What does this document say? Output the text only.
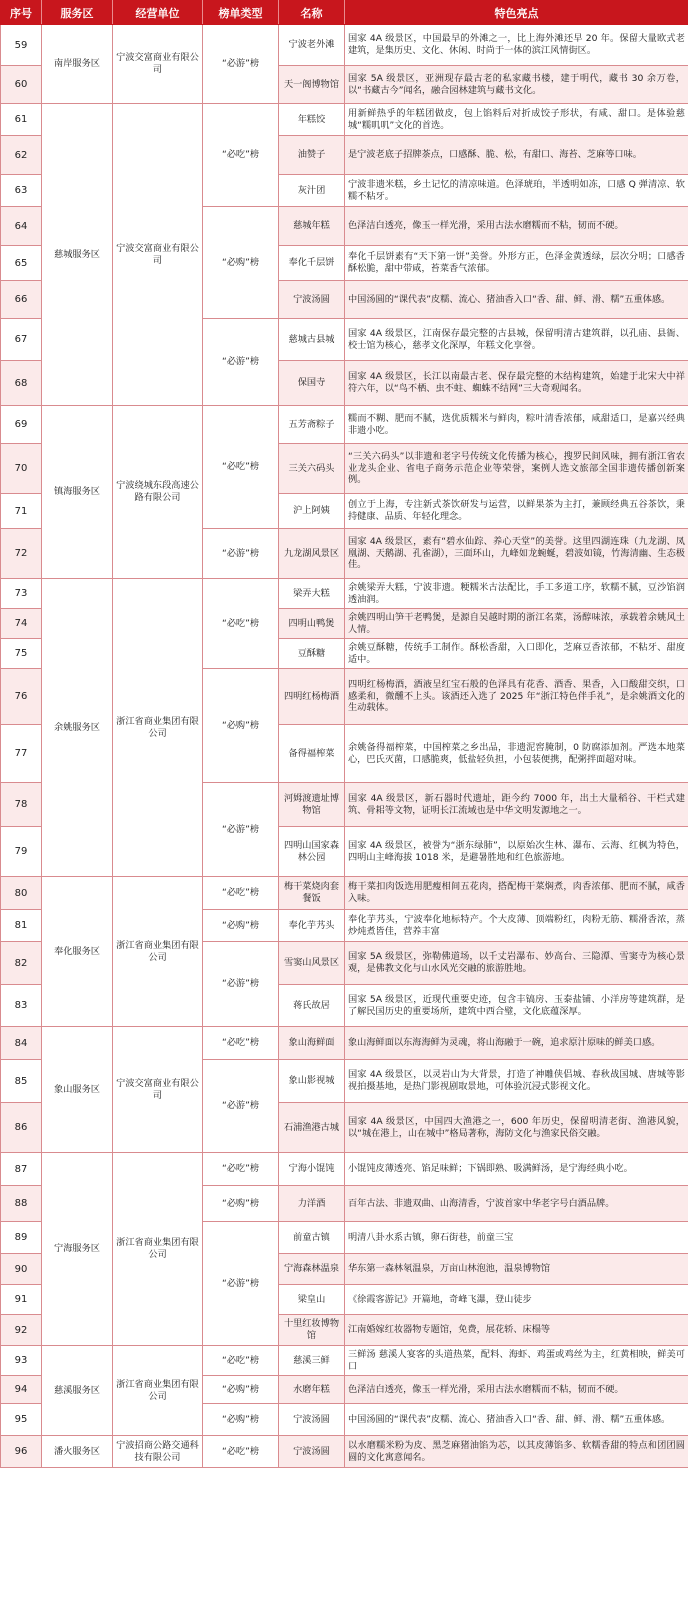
序号	服务区	经营单位	榜单类型	名称	特色亮点
59	南岸服务区	宁波交富商业有限公司	“必游”榜	宁波老外滩	国家 4A 级景区，中国最早的外滩之一，比上海外滩还早 20 年。保留大量欧式老建筑，是集历史、文化、休闲、时尚于一体的滨江风情街区。
60				天一阁博物馆	国家 5A 级景区，亚洲现存最古老的私家藏书楼，建于明代，藏书 30 余万卷，以“书藏古今”闻名，融合园林建筑与藏书文化。
61	慈城服务区	宁波交富商业有限公司	“必吃”榜	年糕饺	用新鲜热乎的年糕团做皮，包上馅料后对折成饺子形状，有咸、甜口。是体验慈城“糯叽叽”文化的首选。
62				油赞子	是宁波老底子招牌茶点，口感酥、脆、松，有甜口、海苔、芝麻等口味。
63				灰汁团	宁波非遗米糕，乡土记忆的清凉味道。色泽琥珀，半透明如冻，口感 Q 弹清凉、软糯不粘牙。
64			“必购”榜	慈城年糕	色泽洁白透亮，像玉一样光滑，采用古法水磨糯而不粘，韧而不硬。
65				奉化千层饼	奉化千层饼素有“天下第一饼”美誉。外形方正，色泽金黄透绿，层次分明；口感香酥松脆，甜中带咸，苔菜香气浓郁。
66				宁波汤圆	中国汤圆的“课代表”皮糯、流心、猪油香入口“香、甜、鲜、滑、糯”五重体感。
67			“必游”榜	慈城古县城	国家 4A 级景区，江南保存最完整的古县城，保留明清古建筑群，以孔庙、县衙、校士馆为核心，慈孝文化深厚，年糕文化享誉。
68				保国寺	国家 4A 级景区，长江以南最古老、保存最完整的木结构建筑，始建于北宋大中祥符六年，以“鸟不栖、虫不蛀、蜘蛛不结网”三大奇观闻名。
69	镇海服务区	宁波绕城东段高速公路有限公司	“必吃”榜	五芳斋粽子	糯而不糊、肥而不腻，选优质糯米与鲜肉，粽叶清香浓郁，咸甜适口，是嘉兴经典非遗小吃。
70				三关六码头	“三关六码头”以非遗和老字号传统文化传播为核心，搜罗民间风味，拥有浙江省农业龙头企业、省电子商务示范企业等荣誉，案例人选文旅部全国非遗传播创新案例。
71				沪上阿姨	创立于上海，专注新式茶饮研发与运营，以鲜果茶为主打，兼顾经典五谷茶饮，秉持健康、品质、年轻化理念。
72			“必游”榜	九龙湖风景区	国家 4A 级景区，素有“碧水仙踪、养心天堂”的美誉。这里四湖连珠（九龙湖、凤凰湖、天鹅湖、孔雀湖），三面环山，九峰如龙蜿蜒，碧波如镜，竹海清幽、生态极佳。
73	余姚服务区	浙江省商业集团有限公司	“必吃”榜	梁弄大糕	余姚梁弄大糕，宁波非遗。粳糯米古法配比，手工多道工序，软糯不腻，豆沙馅润透油润。
74				四明山鸭煲	余姚四明山笋干老鸭煲，是源自吴越时期的浙江名菜，汤醇味浓，承载着余姚风土人情。
75				豆酥糖	余姚豆酥糖，传统手工制作。酥松香甜，入口即化，芝麻豆香浓郁，不粘牙、甜度适中。
76			“必购”榜	四明红杨梅酒	四明红杨梅酒，酒液呈红宝石般的色泽具有花香、酒香、果香，入口酸甜交织，口感柔和，微醺不上头。该酒还入选了 2025 年“浙江特色伴手礼”，是余姚酒文化的生动载体。
77				备得福榨菜	余姚备得福榨菜，中国榨菜之乡出品，非遗泥窖腌制，0 防腐添加剂。严选本地菜心，巴氏灭菌，口感脆爽，低盐轻负担，小包装便携，配粥拌面超对味。
78			“必游”榜	河姆渡遗址博物馆	国家 4A 级景区，新石器时代遗址，距今约 7000 年，出土大量稻谷、干栏式建筑、骨耜等文物，证明长江流域也是中华文明发源地之一。
79				四明山国家森林公园	国家 4A 级景区，被誉为“浙东绿肺”，以原始次生林、瀑布、云海、红枫为特色，四明山主峰海拔 1018 米，是避暑胜地和红色旅游地。
80	奉化服务区	浙江省商业集团有限公司	“必吃”榜	梅干菜烧肉套餐饭	梅干菜扣肉饭选用肥瘦相间五花肉，搭配梅干菜焖煮，肉香浓郁、肥而不腻，咸香入味。
81			“必购”榜	奉化芋艿头	奉化芋艿头，宁波奉化地标特产。个大皮薄、顶端粉红，肉粉无筋、糯滑香浓，蒸炒炖煮皆佳，营养丰富
82			“必游”榜	雪窦山风景区	国家 5A 级景区，弥勒佛道场，以千丈岩瀑布、妙高台、三隐潭、雪窦寺为核心景观，是佛教文化与山水风光交融的旅游胜地。
83				蒋氏故居	国家 5A 级景区，近现代重要史迹，包含丰镐房、玉泰盐铺、小洋房等建筑群，是了解民国历史的重要场所，建筑中西合璧，文化底蕴深厚。
84	象山服务区	宁波交富商业有限公司	“必吃”榜	象山海鲜面	象山海鲜面以东海海鲜为灵魂，将山海融于一碗，追求原汁原味的鲜美口感。
85			“必游”榜	象山影视城	国家 4A 级景区，以灵岩山为大背景，打造了神雕侠侣城、春秋战国城、唐城等影视拍摄基地，是热门影视剧取景地，可体验沉浸式影视文化。
86				石浦渔港古城	国家 4A 级景区，中国四大渔港之一，600 年历史，保留明清老街、渔港风貌，以“城在港上，山在城中”格局著称，海防文化与渔家民俗交融。
87	宁海服务区	浙江省商业集团有限公司	“必吃”榜	宁海小馄饨	小馄饨皮薄透亮、馅足味鲜；下锅即熟、吸满鲜汤，是宁海经典小吃。
88			“必购”榜	力洋酒	百年古法、非遗双曲、山海清香，宁波首家中华老字号白酒品牌。
89			“必游”榜	前童古镇	明清八卦水系古镇，卵石街巷，前童三宝
90				宁海森林温泉	华东第一森林氡温泉，万亩山林泡池，温泉博物馆
91				梁皇山	《徐霞客游记》开篇地，奇峰飞瀑，登山徒步
92				十里红妆博物馆	江南婚嫁红妆器物专题馆，免费，展花轿、床榻等
93	慈溪服务区	浙江省商业集团有限公司	“必吃”榜	慈溪三鲜	三鲜汤 慈溪人宴客的头道热菜，配料、海虾、鸡蛋或鸡丝为主，红黄相映，鲜美可口
94			“必购”榜	水磨年糕	色泽洁白透亮，像玉一样光滑，采用古法水磨糯而不粘，韧而不硬。
95			“必购”榜	宁波汤圆	中国汤圆的“课代表”皮糯、流心、猪油香入口“香、甜、鲜、滑、糯”五重体感。
96	潘火服务区	宁波招商公路交通科技有限公司	“必吃”榜	宁波汤圆	以水磨糯米粉为皮、黑芝麻猪油馅为芯，以其皮薄馅多、软糯香甜的特点和团团圆圆的文化寓意闻名。
